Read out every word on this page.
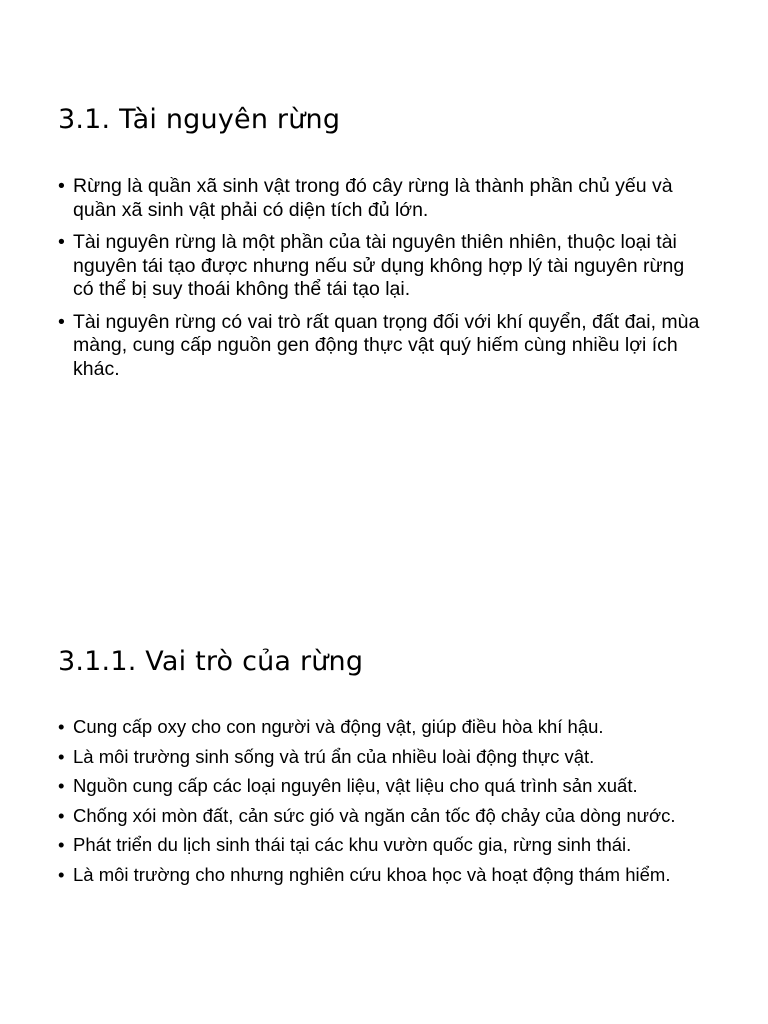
3.1. Tài nguyên rừng
• Rừng là quần xã sinh vật trong đó cây rừng là thành phần chủ yếu và quần xã sinh vật phải có diện tích đủ lớn.
• Tài nguyên rừng là một phần của tài nguyên thiên nhiên, thuộc loại tài nguyên tái tạo được nhưng nếu sử dụng không hợp lý tài nguyên rừng có thể bị suy thoái không thể tái tạo lại.
• Tài nguyên rừng có vai trò rất quan trọng đối với khí quyển, đất đai, mùa màng, cung cấp nguồn gen động thực vật quý hiếm cùng nhiều lợi ích khác.
3.1.1. Vai trò của rừng
• Cung cấp oxy cho con người và động vật, giúp điều hòa khí hậu.
• Là môi trường sinh sống và trú ẩn của nhiều loài động thực vật.
• Nguồn cung cấp các loại nguyên liệu, vật liệu cho quá trình sản xuất.
• Chống xói mòn đất, cản sức gió và ngăn cản tốc độ chảy của dòng nước.
• Phát triển du lịch sinh thái tại các khu vườn quốc gia, rừng sinh thái.
• Là môi trường cho nhưng nghiên cứu khoa học và hoạt động thám hiểm.
